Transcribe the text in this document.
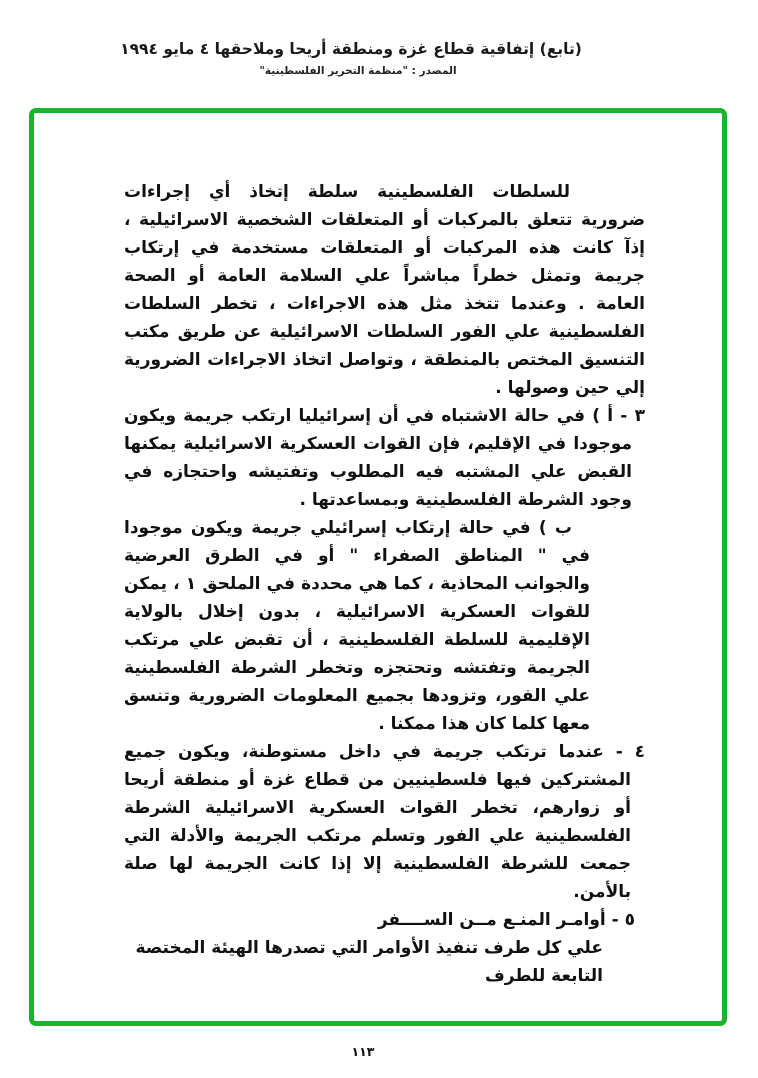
(تابع) إتفاقية قطاع غزة ومنطقة أريحا وملاحقها ٤ مايو ١٩٩٤
المصدر : "منظمة التحرير الفلسطينية"

للسلطات الفلسطينية سلطة إتخاذ أي إجراءات ضرورية تتعلق بالمركبات أو المتعلقات الشخصية الاسرائيلية ، إذآ كانت هذه المركبات أو المتعلقات مستخدمة في إرتكاب جريمة وتمثل خطراً مباشراً علي السلامة العامة أو الصحة العامة . وعندما تتخذ مثل هذه الاجراءات ، تخطر السلطات الفلسطينية علي الفور السلطات الاسرائيلية عن طريق مكتب التنسيق المختص بالمنطقة ، وتواصل اتخاذ الاجراءات الضرورية إلي حين وصولها .

٣ - أ ) في حالة الاشتباه في أن إسرائيليا ارتكب جريمة ويكون موجودا في الإقليم، فإن القوات العسكرية الاسرائيلية يمكنها القبض علي المشتبه فيه المطلوب وتفتيشه واحتجازه في وجود الشرطة الفلسطينية وبمساعدتها .

ب ) في حالة إرتكاب إسرائيلي جريمة ويكون موجودا في " المناطق الصفراء " أو في الطرق العرضية والجوانب المحاذية ، كما هي محددة في الملحق ١ ، يمكن للقوات العسكرية الاسرائيلية ، بدون إخلال بالولاية الإقليمية للسلطة الفلسطينية ، أن تقبض علي مرتكب الجريمة وتفتشه وتحتجزه وتخطر الشرطة الفلسطينية علي الفور، وتزودها بجميع المعلومات الضرورية وتنسق معها كلما كان هذا ممكنا .

٤ - عندما ترتكب جريمة في داخل مستوطنة، ويكون جميع المشتركين فيها فلسطينيين من قطاع غزة أو منطقة أريحا أو زوارهم، تخطر القوات العسكرية الاسرائيلية الشرطة الفلسطينية علي الفور وتسلم مرتكب الجريمة والأدلة التي جمعت للشرطة الفلسطينية إلا إذا كانت الجريمة لها صلة بالأمن.

٥ - أوامـر المنـع مــن الســــفر

علي كل طرف تنفيذ الأوامر التي تصدرها الهيئة المختصة التابعة للطرف

١١٣
